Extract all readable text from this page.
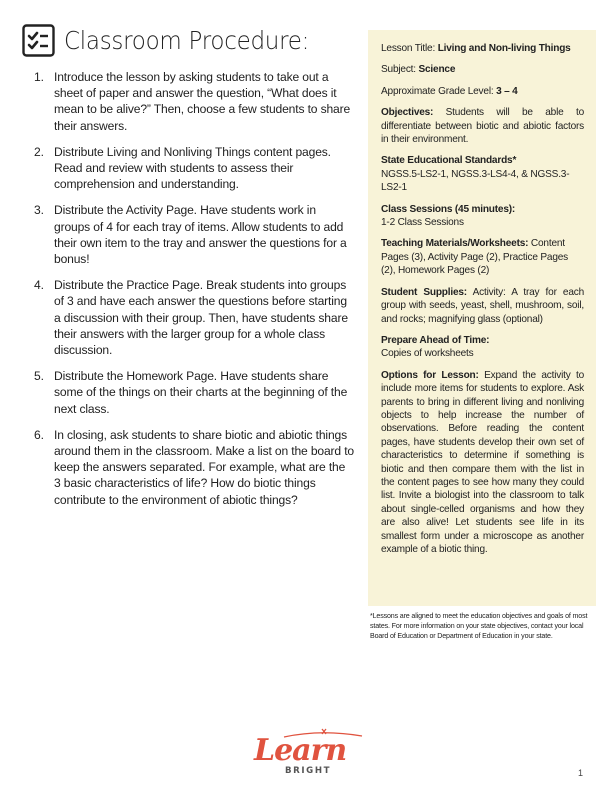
Classroom Procedure:
1. Introduce the lesson by asking students to take out a sheet of paper and answer the question, “What does it mean to be alive?” Then, choose a few students to share their answers.
2. Distribute Living and Nonliving Things content pages. Read and review with students to assess their comprehension and understanding.
3. Distribute the Activity Page. Have students work in groups of 4 for each tray of items. Allow students to add their own item to the tray and answer the questions for a bonus!
4. Distribute the Practice Page. Break students into groups of 3 and have each answer the questions before starting a discussion with their group. Then, have students share their answers with the larger group for a whole class discussion.
5. Distribute the Homework Page. Have students share some of the things on their charts at the beginning of the next class.
6. In closing, ask students to share biotic and abiotic things around them in the classroom. Make a list on the board to keep the answers separated. For example, what are the 3 basic characteristics of life? How do biotic things contribute to the environment of abiotic things?

Lesson Title: Living and Non-living Things

Subject: Science

Approximate Grade Level: 3 – 4

Objectives: Students will be able to differentiate between biotic and abiotic factors in their environment.

State Educational Standards*
NGSS.5-LS2-1, NGSS.3-LS4-4, & NGSS.3-LS2-1

Class Sessions (45 minutes):
1-2 Class Sessions

Teaching Materials/Worksheets: Content Pages (3), Activity Page (2), Practice Pages (2), Homework Pages (2)

Student Supplies: Activity: A tray for each group with seeds, yeast, shell, mushroom, soil, and rocks; magnifying glass (optional)

Prepare Ahead of Time:
Copies of worksheets

Options for Lesson: Expand the activity to include more items for students to explore. Ask parents to bring in different living and nonliving objects to help increase the number of observations. Before reading the content pages, have students develop their own set of characteristics to determine if something is biotic and then compare them with the list in the content pages to see how many they could list. Invite a biologist into the classroom to talk about single-celled organisms and how they are also alive! Let students see life in its smallest form under a microscope as another example of a biotic thing.

*Lessons are aligned to meet the education objectives and goals of most states. For more information on your state objectives, contact your local Board of Education or Department of Education in your state.
Learn
BRIGHT	1
